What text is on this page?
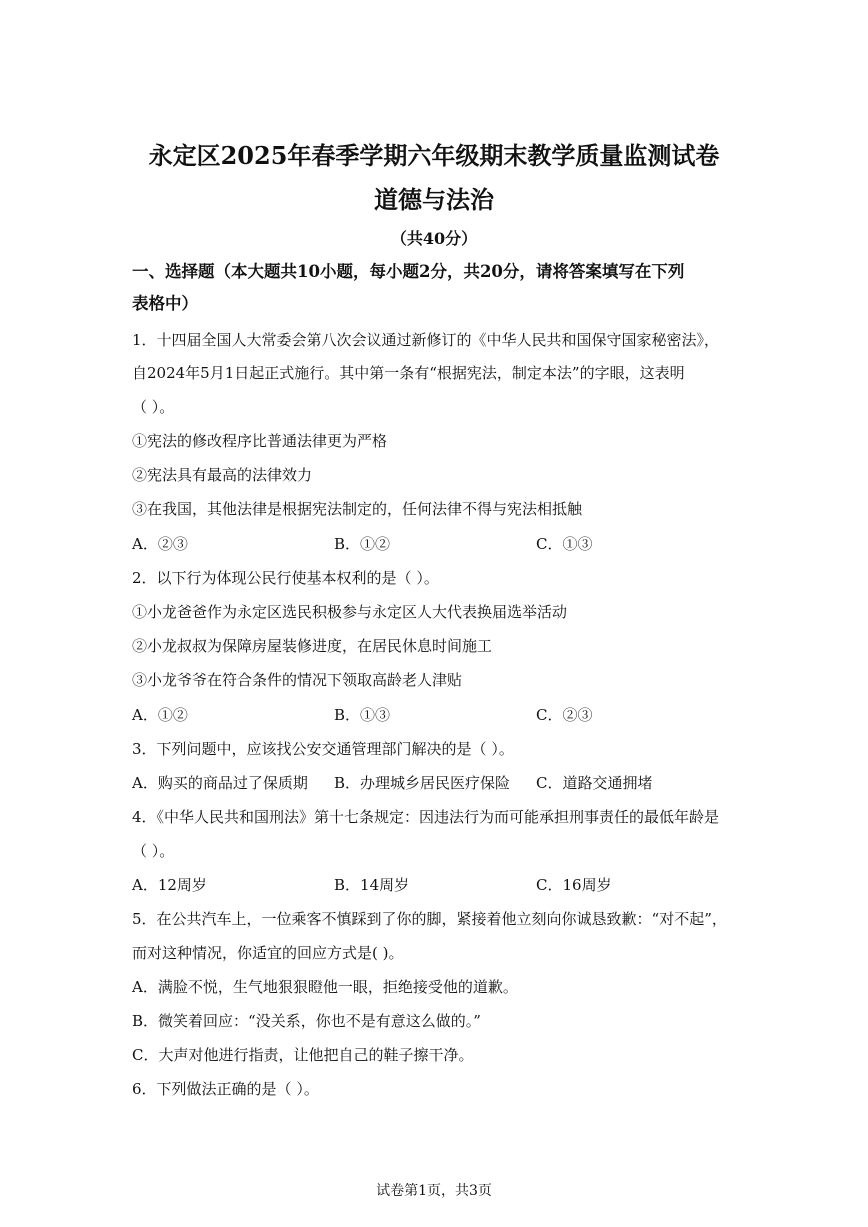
永定区2025年春季学期六年级期末教学质量监测试卷
道德与法治
（共40分）
一、选择题（本大题共10小题，每小题2分，共20分，请将答案填写在下列
表格中）
1．十四届全国人大常委会第八次会议通过新修订的《中华人民共和国保守国家秘密法》，
自2024年5月1日起正式施行。其中第一条有“根据宪法，制定本法”的字眼，这表明
（ ）。
①宪法的修改程序比普通法律更为严格
②宪法具有最高的法律效力
③在我国，其他法律是根据宪法制定的，任何法律不得与宪法相抵触
A．②③	B．①②	C．①③
2．以下行为体现公民行使基本权利的是（ ）。
①小龙爸爸作为永定区选民积极参与永定区人大代表换届选举活动
②小龙叔叔为保障房屋装修进度，在居民休息时间施工
③小龙爷爷在符合条件的情况下领取高龄老人津贴
A．①②	B．①③	C．②③
3．下列问题中，应该找公安交通管理部门解决的是（ ）。
A．购买的商品过了保质期 B．办理城乡居民医疗保险 C．道路交通拥堵
4．《中华人民共和国刑法》第十七条规定：因违法行为而可能承担刑事责任的最低年龄是
（ ）。
A．12周岁	B．14周岁	C．16周岁
5．在公共汽车上，一位乘客不慎踩到了你的脚，紧接着他立刻向你诚恳致歉：“对不起”，
而对这种情况，你适宜的回应方式是( )。
A．满脸不悦，生气地狠狠瞪他一眼，拒绝接受他的道歉。
B．微笑着回应：“没关系，你也不是有意这么做的。”
C．大声对他进行指责，让他把自己的鞋子擦干净。
6．下列做法正确的是（ ）。
试卷第1页，共3页
